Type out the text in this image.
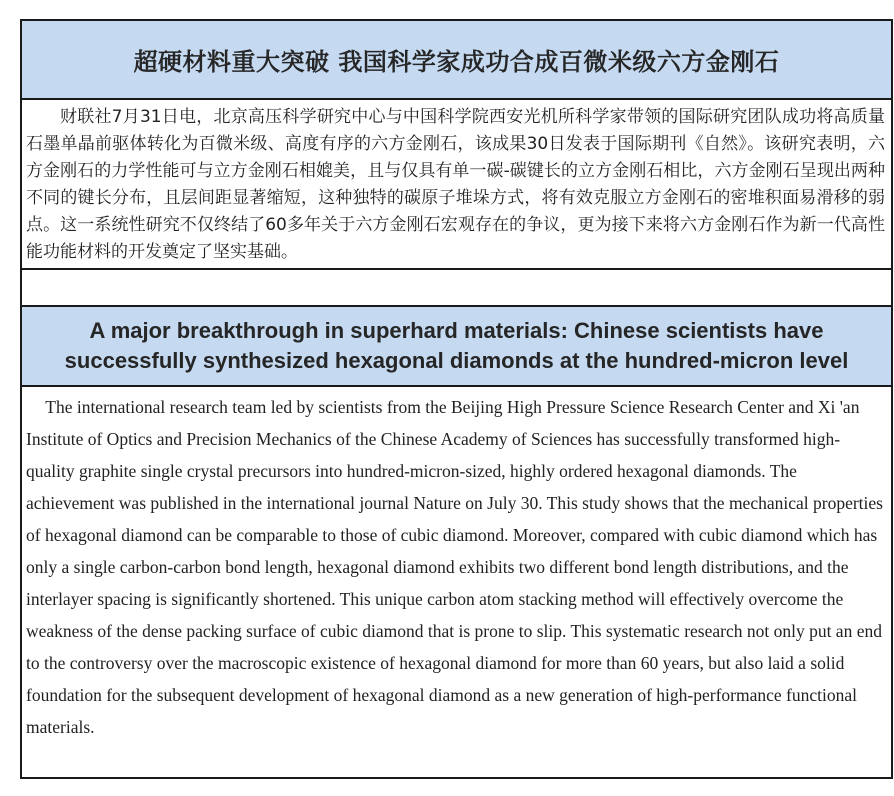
超硬材料重大突破 我国科学家成功合成百微米级六方金刚石

财联社7月31日电，北京高压科学研究中心与中国科学院西安光机所科学家带领的国际研究团队成功将高质量石墨单晶前驱体转化为百微米级、高度有序的六方金刚石，该成果30日发表于国际期刊《自然》。该研究表明，六方金刚石的力学性能可与立方金刚石相媲美，且与仅具有单一碳-碳键长的立方金刚石相比，六方金刚石呈现出两种不同的键长分布，且层间距显著缩短，这种独特的碳原子堆垛方式，将有效克服立方金刚石的密堆积面易滑移的弱点。这一系统性研究不仅终结了60多年关于六方金刚石宏观存在的争议，更为接下来将六方金刚石作为新一代高性能功能材料的开发奠定了坚实基础。

A major breakthrough in superhard materials: Chinese scientists have successfully synthesized hexagonal diamonds at the hundred-micron level

The international research team led by scientists from the Beijing High Pressure Science Research Center and Xi 'an Institute of Optics and Precision Mechanics of the Chinese Academy of Sciences has successfully transformed high-quality graphite single crystal precursors into hundred-micron-sized, highly ordered hexagonal diamonds. The achievement was published in the international journal Nature on July 30. This study shows that the mechanical properties of hexagonal diamond can be comparable to those of cubic diamond. Moreover, compared with cubic diamond which has only a single carbon-carbon bond length, hexagonal diamond exhibits two different bond length distributions, and the interlayer spacing is significantly shortened. This unique carbon atom stacking method will effectively overcome the weakness of the dense packing surface of cubic diamond that is prone to slip. This systematic research not only put an end to the controversy over the macroscopic existence of hexagonal diamond for more than 60 years, but also laid a solid foundation for the subsequent development of hexagonal diamond as a new generation of high-performance functional materials.
